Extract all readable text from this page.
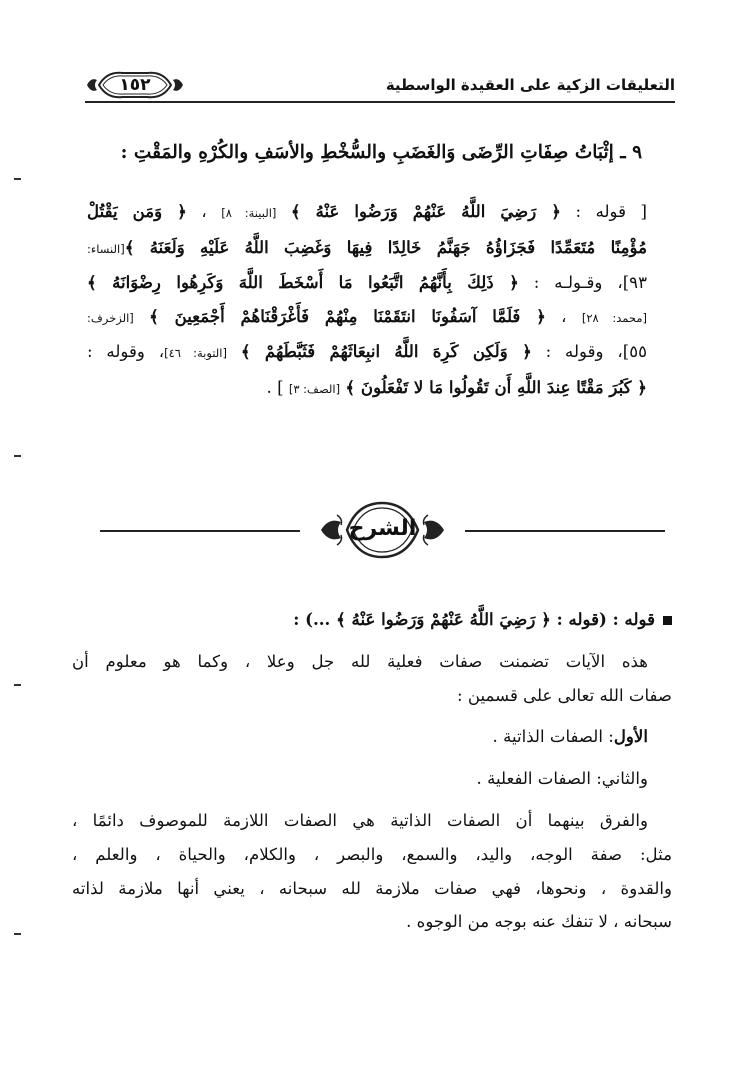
التعليقات الزكية على العقيدة الواسطية
١٥٢
٩ ـ إثْبَاتُ صِفَاتِ الرِّضَى وَالغَضَبِ والسُّخْطِ والأسَفِ والكُرْهِ والمَقْتِ :

[ قوله : ﴿ رَضِيَ اللَّهُ عَنْهُمْ وَرَضُوا عَنْهُ ﴾ [البينة: ٨] ، ﴿ وَمَن يَقْتُلْ

مُؤْمِنًا مُتَعَمِّدًا فَجَزَاؤُهُ جَهَنَّمُ خَالِدًا فِيهَا وَغَضِبَ اللَّهُ عَلَيْهِ وَلَعَنَهُ ﴾[النساء:

٩٣]، وقـولـه : ﴿ ذَلِكَ بِأَنَّهُمُ اتَّبَعُوا مَا أَسْخَطَ اللَّهَ وَكَرِهُوا رِضْوَانَهُ ﴾

[محمد: ٢٨] ، ﴿ فَلَمَّا آسَفُونَا انتَقَمْنَا مِنْهُمْ فَأَغْرَقْنَاهُمْ أَجْمَعِينَ ﴾ [الزخرف:

٥٥]، وقوله : ﴿ وَلَكِن كَرِهَ اللَّهُ انبِعَاثَهُمْ فَثَبَّطَهُمْ ﴾ [التوبة: ٤٦]، وقوله :

﴿ كَبُرَ مَقْتًا عِندَ اللَّهِ أَن تَقُولُوا مَا لا تَفْعَلُونَ ﴾ [الصف: ٣] ] .

الشرح

قوله : (قوله : ﴿ رَضِيَ اللَّهُ عَنْهُمْ وَرَضُوا عَنْهُ ﴾ ...) :

هذه الآيات تضمنت صفات فعلية لله جل وعلا ، وكما هو معلوم أن

صفات الله تعالى على قسمين :

الأول: الصفات الذاتية .

والثاني: الصفات الفعلية .

والفرق بينهما أن الصفات الذاتية هي الصفات اللازمة للموصوف دائمًا ،

مثل: صفة الوجه، واليد، والسمع، والبصر ، والكلام، والحياة ، والعلم ،

والقدوة ، ونحوها، فهي صفات ملازمة لله سبحانه ، يعني أنها ملازمة لذاته

سبحانه ، لا تنفك عنه بوجه من الوجوه .
